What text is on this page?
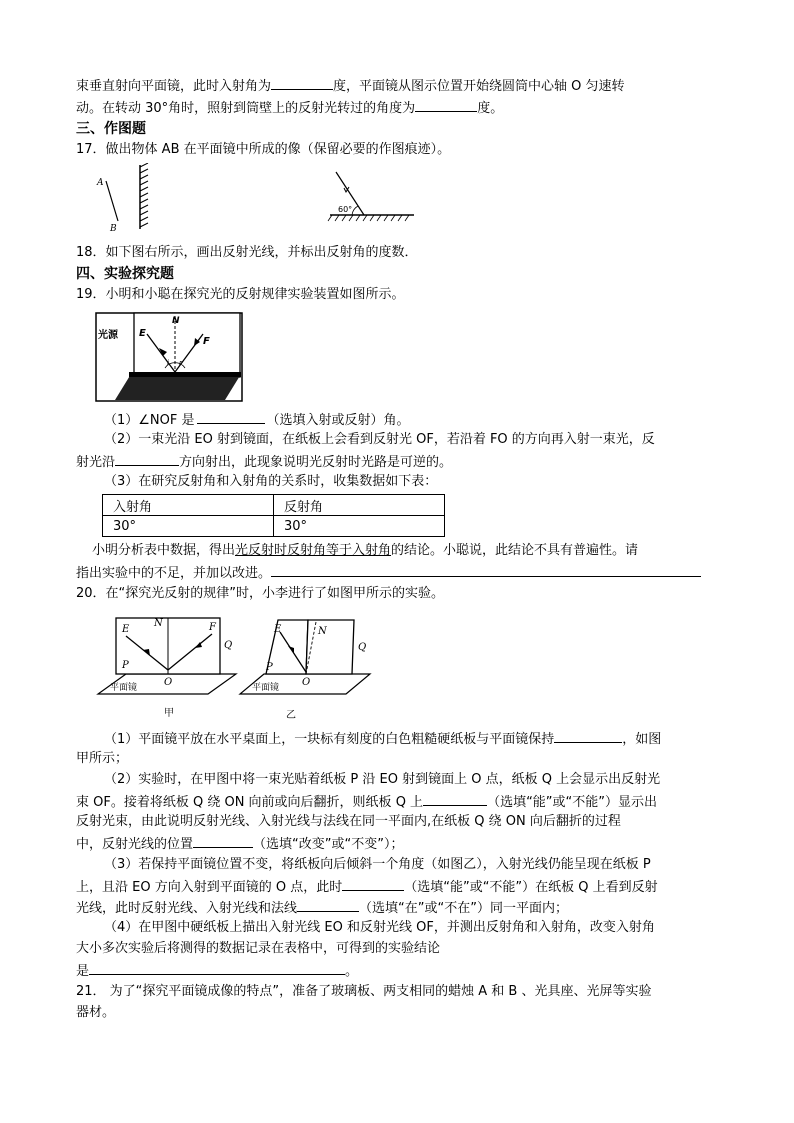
束垂直射向平面镜，此时入射角为	度，平面镜从图示位置开始绕圆筒中心轴 O 匀速转
动。在转动 30°角时，照射到筒壁上的反射光转过的角度为	度。
三、作图题
17．做出物体 AB 在平面镜中所成的像（保留必要的作图痕迹）。
A
B
60°
18．如下图右所示，画出反射光线，并标出反射角的度数．
四、实验探究题
19．小明和小聪在探究光的反射规律实验装置如图所示。
光源
N
E
F
i r
（1）∠NOF 是	（选填入射或反射）角。
（2）一束光沿 EO 射到镜面，在纸板上会看到反射光 OF，若沿着 FO 的方向再入射一束光，反
射光沿	方向射出，此现象说明光反射时光路是可逆的。
（3）在研究反射角和入射角的关系时，收集数据如下表：
入射角	反射角
30°	30°
小明分析表中数据，得出光反射时反射角等于入射角的结论。小聪说，此结论不具有普遍性。请
指出实验中的不足，并加以改进。
20．在“探究光反射的规律”时，小李进行了如图甲所示的实验。
E
N	F
Q
P
O
平面镜
甲
E	N
Q
P
O
平面镜
乙
（1）平面镜平放在水平桌面上，一块标有刻度的白色粗糙硬纸板与平面镜保持	，如图
甲所示；
（2）实验时，在甲图中将一束光贴着纸板 P 沿 EO 射到镜面上 O 点，纸板 Q 上会显示出反射光
束 OF。接着将纸板 Q 绕 ON 向前或向后翻折，则纸板 Q 上	（选填“能”或“不能”）显示出
反射光束，由此说明反射光线、入射光线与法线在同一平面内,在纸板 Q 绕 ON 向后翻折的过程
中，反射光线的位置	（选填“改变”或“不变”）；
（3）若保持平面镜位置不变，将纸板向后倾斜一个角度（如图乙），入射光线仍能呈现在纸板 P
上，且沿 EO 方向入射到平面镜的 O 点，此时	（选填“能”或“不能”）在纸板 Q 上看到反射
光线，此时反射光线、入射光线和法线	（选填“在”或“不在”）同一平面内；
（4）在甲图中硬纸板上描出入射光线 EO 和反射光线 OF，并测出反射角和入射角，改变入射角
大小多次实验后将测得的数据记录在表格中，可得到的实验结论
是	。
21． 为了“探究平面镜成像的特点”，准备了玻璃板、两支相同的蜡烛 A 和 B 、光具座、光屏等实验
器材。
